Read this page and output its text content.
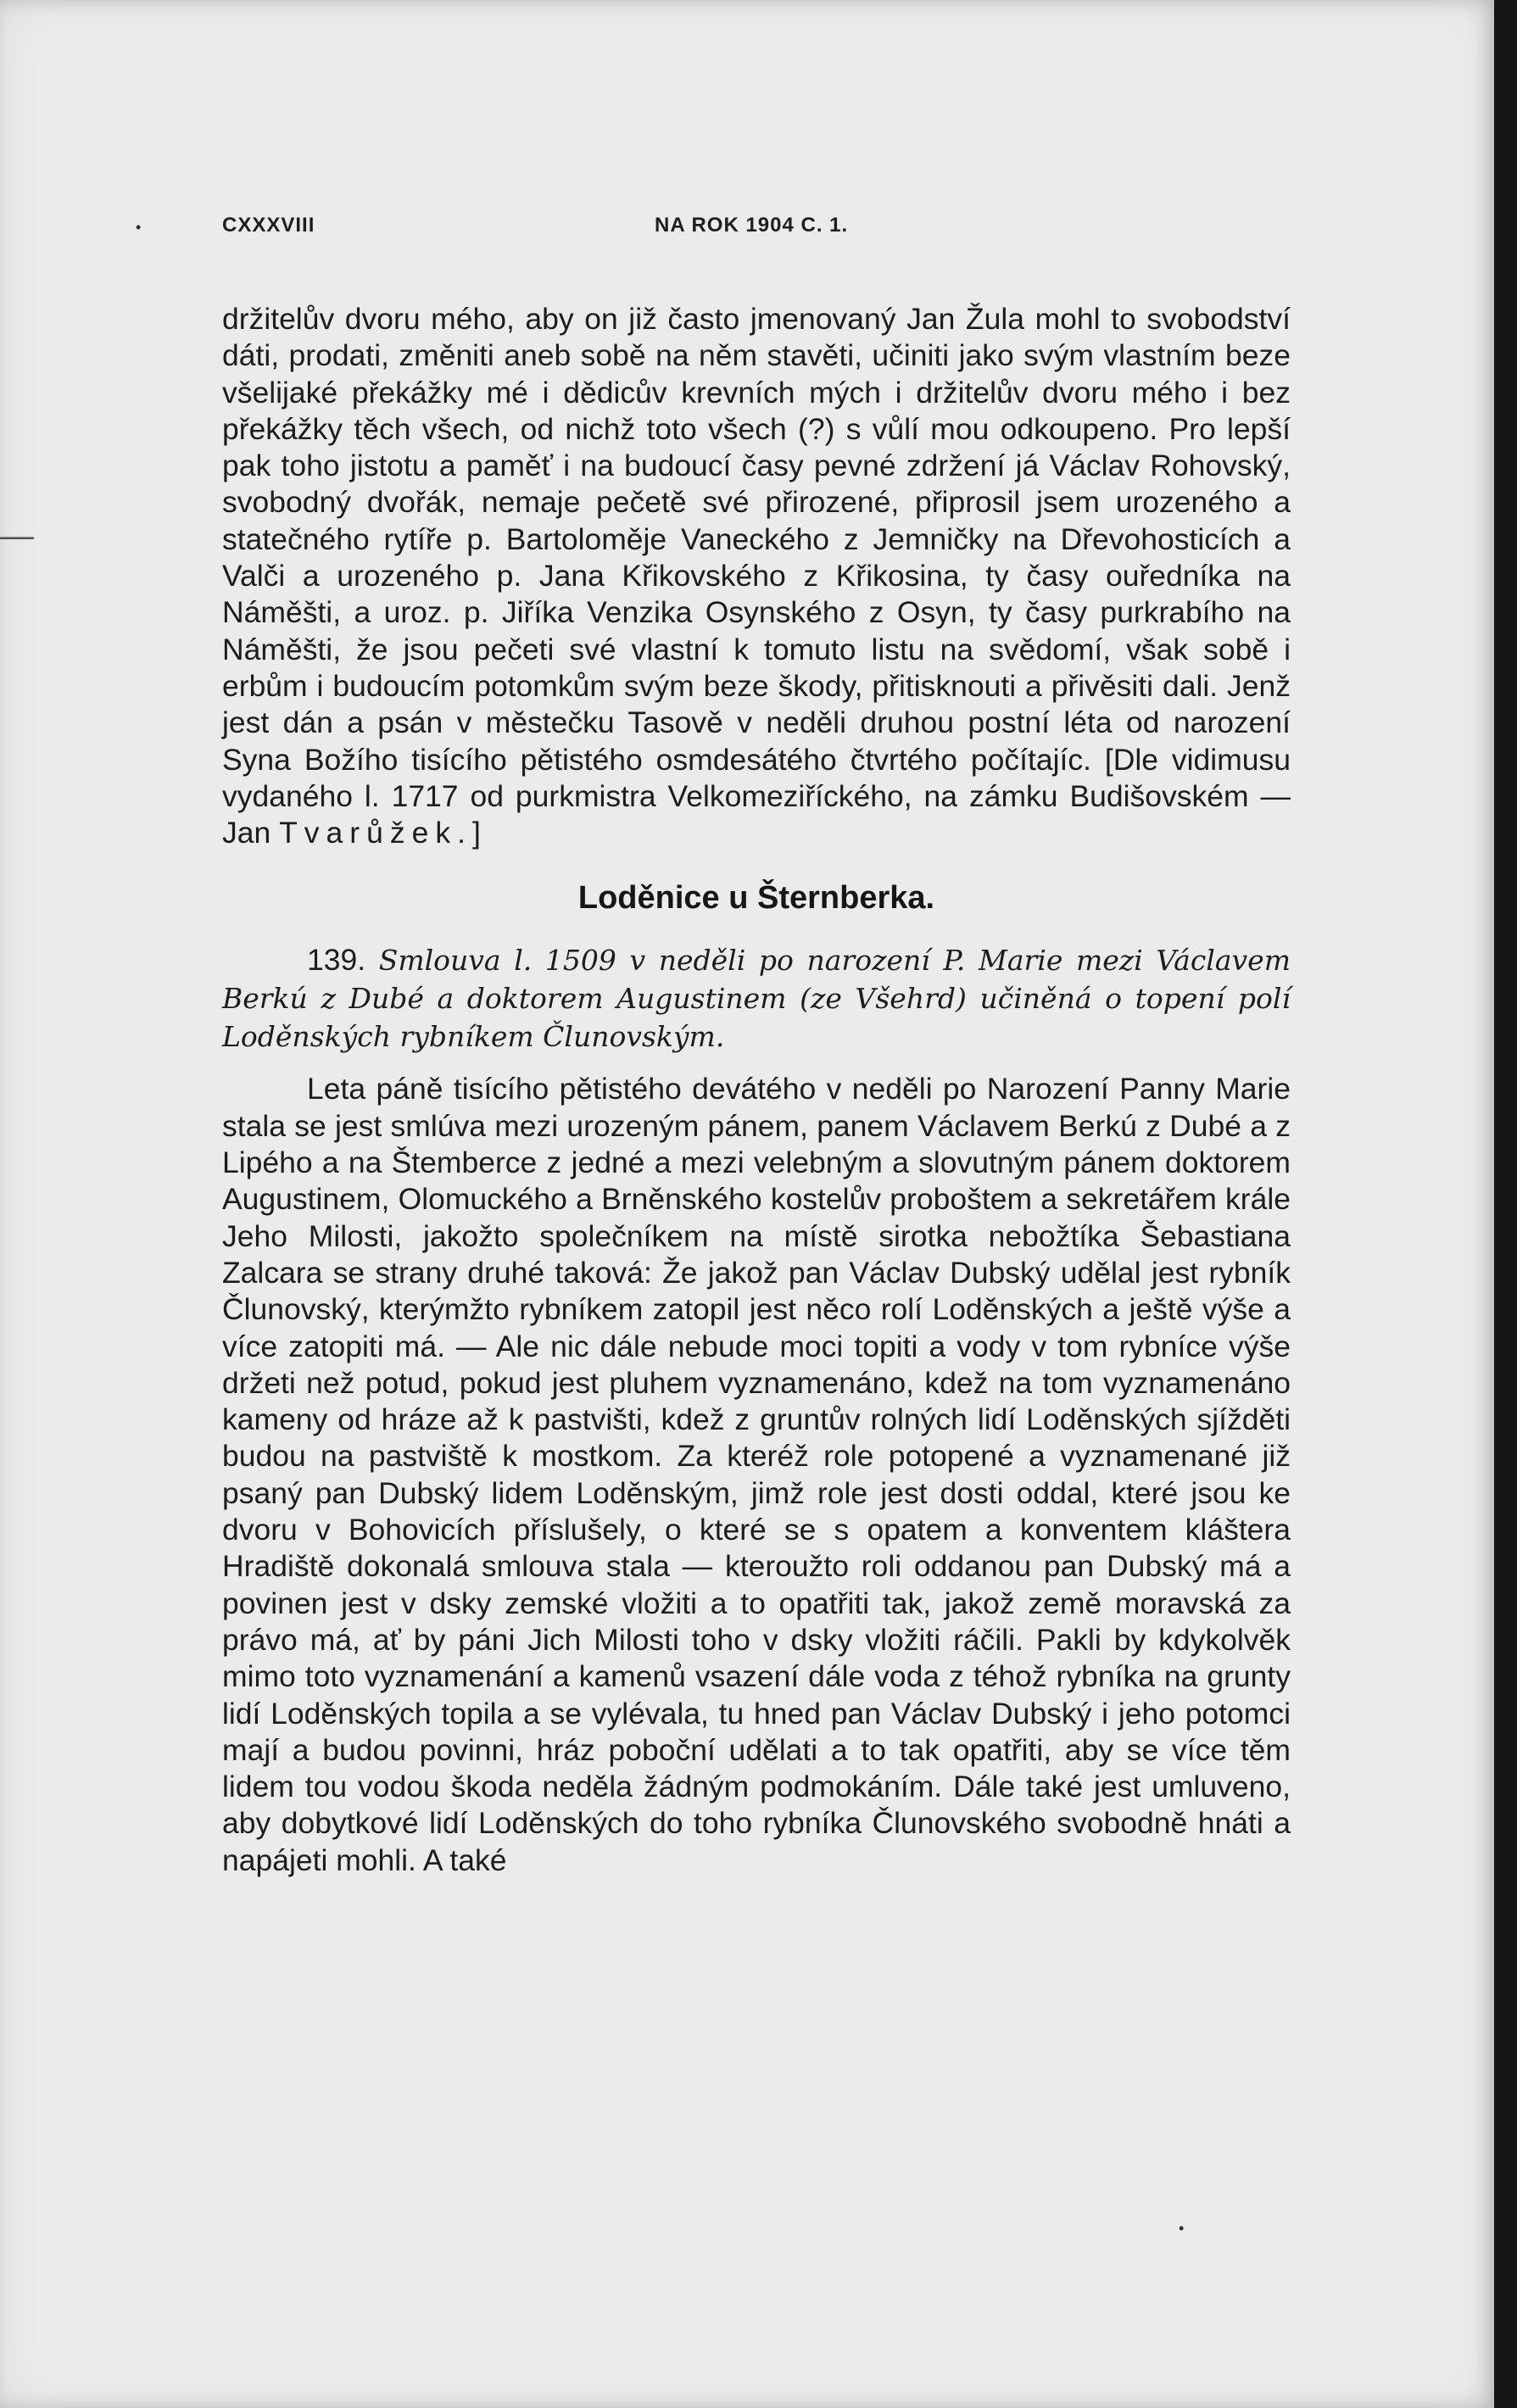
CXXXVIII	NA ROK 1904 C. 1.

držitelův dvoru mého, aby on již často jmenovaný Jan Žula mohl to svobodství dáti, prodati, změniti aneb sobě na něm stavěti, učiniti jako svým vlastním beze všelijaké překážky mé i dědicův krevních mých i držitelův dvoru mého i bez překážky těch všech, od nichž toto všech (?) s vůlí mou odkoupeno. Pro lepší pak toho jistotu a paměť i na budoucí časy pevné zdržení já Václav Rohovský, svobodný dvořák, nemaje pečetě své přirozené, připrosil jsem urozeného a statečného rytíře p. Bartoloměje Vaneckého z Jemničky na Dřevohosticích a Valči a urozeného p. Jana Křikovského z Křikosina, ty časy ouředníka na Náměšti, a uroz. p. Jiříka Venzika Osynského z Osyn, ty časy purkrabího na Náměšti, že jsou pečeti své vlastní k tomuto listu na svědomí, však sobě i erbům i budoucím potomkům svým beze škody, přitisknouti a přivěsiti dali. Jenž jest dán a psán v městečku Tasově v neděli druhou postní léta od narození Syna Božího tisícího pětistého osmdesátého čtvrtého počítajíc. [Dle vidimusu vydaného l. 1717 od purkmistra Velkomeziříckého, na zámku Budišovském — Jan Tvarůžek.]

Loděnice u Šternberka.

139. Smlouva l. 1509 v neděli po narození P. Marie mezi Václavem Berkú z Dubé a doktorem Augustinem (ze Všehrd) učiněná o topení polí Loděnských rybníkem Člunovským.

Leta páně tisícího pětistého devátého v neděli po Narození Panny Marie stala se jest smlúva mezi urozeným pánem, panem Václavem Berkú z Dubé a z Lipého a na Štemberce z jedné a mezi velebným a slovutným pánem doktorem Augustinem, Olomuckého a Brněnského kostelův proboštem a sekretářem krále Jeho Milosti, jakožto společníkem na místě sirotka nebožtíka Šebastiana Zalcara se strany druhé taková: Že jakož pan Václav Dubský udělal jest rybník Člunovský, kterýmžto rybníkem zatopil jest něco rolí Loděnských a ještě výše a více zatopiti má. — Ale nic dále nebude moci topiti a vody v tom rybníce výše držeti než potud, pokud jest pluhem vyznamenáno, kdež na tom vyznamenáno kameny od hráze až k pastvišti, kdež z gruntův rolných lidí Loděnských sjížděti budou na pastviště k mostkom. Za kteréž role potopené a vyznamenané již psaný pan Dubský lidem Loděnským, jimž role jest dosti oddal, které jsou ke dvoru v Bohovicích příslušely, o které se s opatem a konventem kláštera Hradiště dokonalá smlouva stala — kteroužto roli oddanou pan Dubský má a povinen jest v dsky zemské vložiti a to opatřiti tak, jakož země moravská za právo má, ať by páni Jich Milosti toho v dsky vložiti ráčili. Pakli by kdykolvěk mimo toto vyznamenání a kamenů vsazení dále voda z téhož rybníka na grunty lidí Loděnských topila a se vylévala, tu hned pan Václav Dubský i jeho potomci mají a budou povinni, hráz poboční udělati a to tak opatřiti, aby se více těm lidem tou vodou škoda neděla žádným podmokáním. Dále také jest umluveno, aby dobytkové lidí Loděnských do toho rybníka Člunovského svobodně hnáti a napájeti mohli. A také

•
—
•
